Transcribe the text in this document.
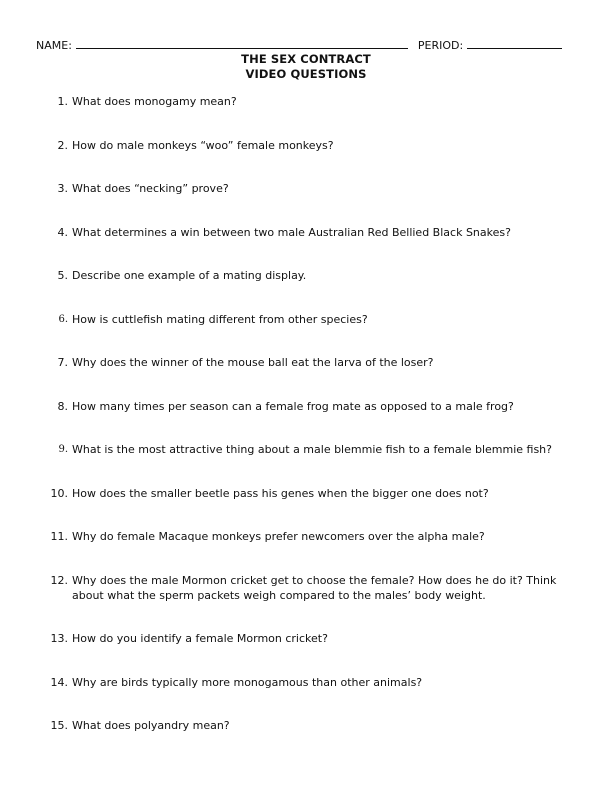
NAME:	PERIOD:
THE SEX CONTRACT
VIDEO QUESTIONS
1. What does monogamy mean?
2. How do male monkeys “woo” female monkeys?
3. What does “necking” prove?
4. What determines a win between two male Australian Red Bellied Black Snakes?
5. Describe one example of a mating display.
6. How is cuttlefish mating different from other species?
7. Why does the winner of the mouse ball eat the larva of the loser?
8. How many times per season can a female frog mate as opposed to a male frog?
9. What is the most attractive thing about a male blemmie fish to a female blemmie fish?
10. How does the smaller beetle pass his genes when the bigger one does not?
11. Why do female Macaque monkeys prefer newcomers over the alpha male?
12. Why does the male Mormon cricket get to choose the female? How does he do it? Think about what the sperm packets weigh compared to the males’ body weight.
13. How do you identify a female Mormon cricket?
14. Why are birds typically more monogamous than other animals?
15. What does polyandry mean?
